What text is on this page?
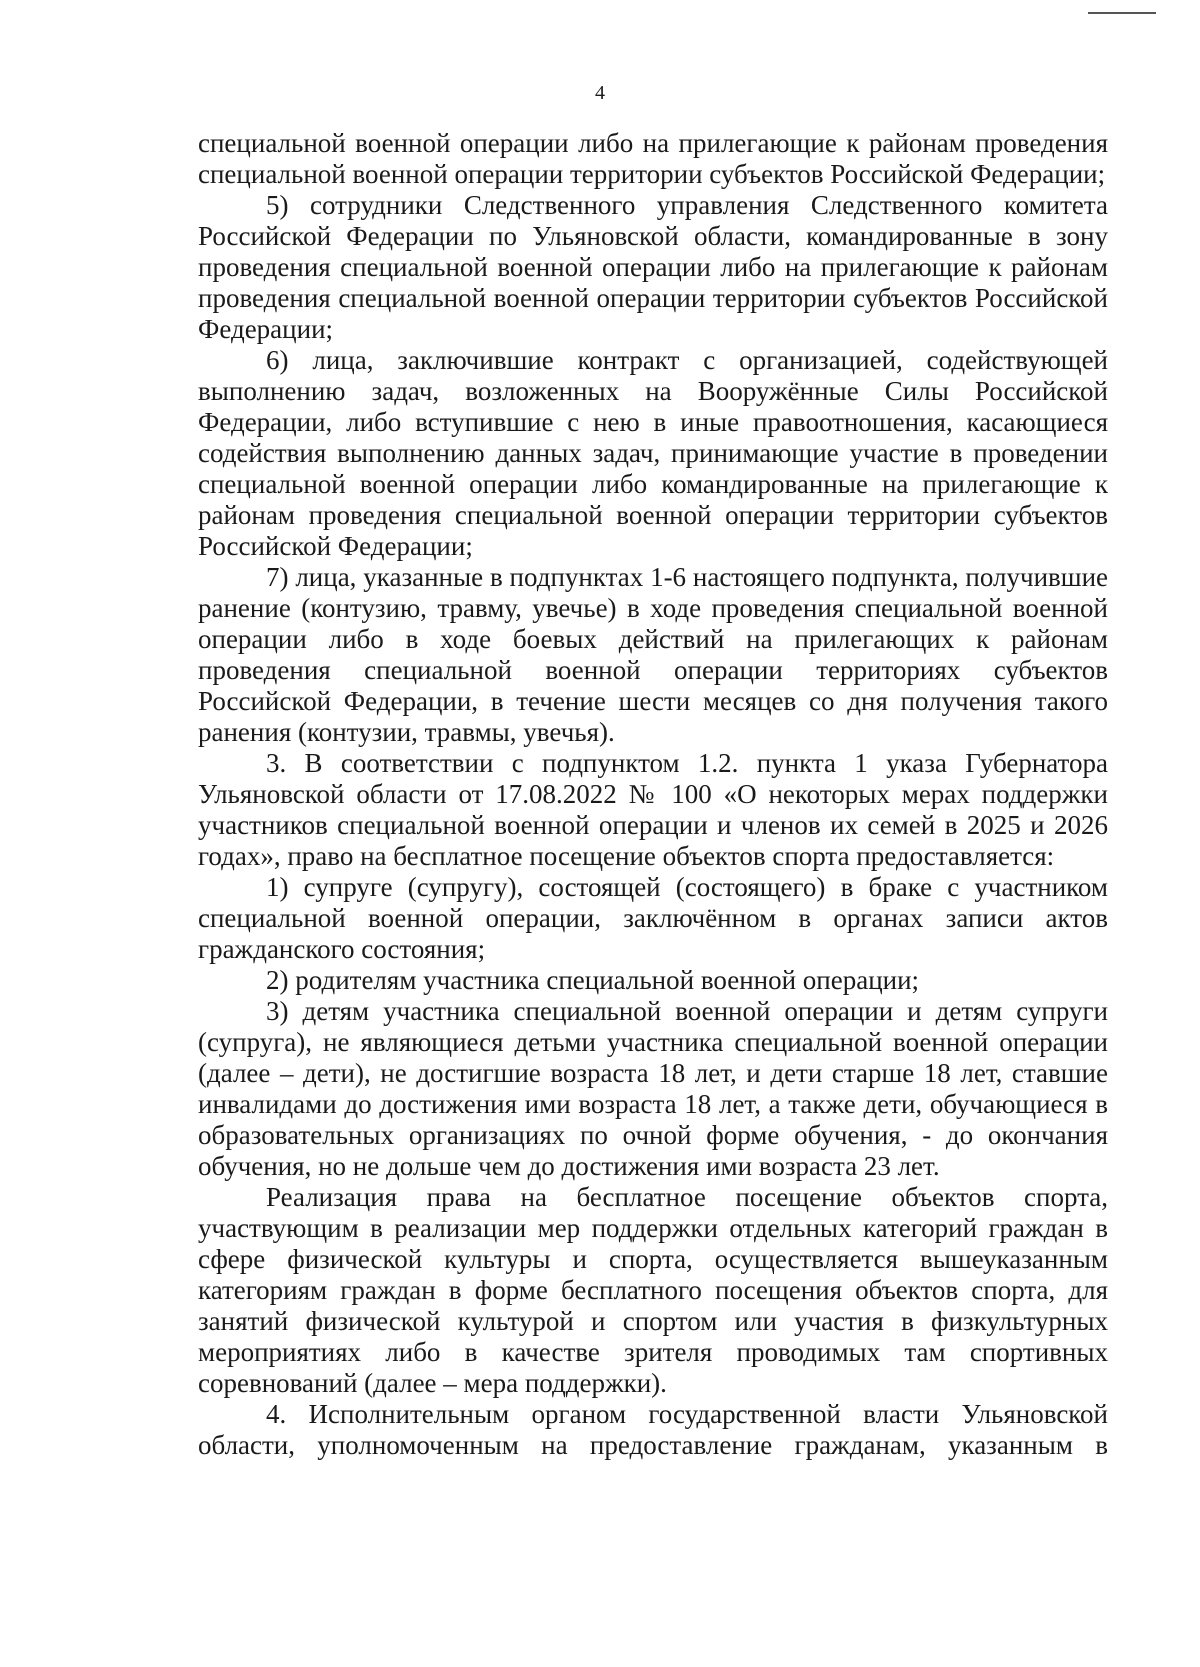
4

специальной военной операции либо на прилегающие к районам проведения специальной военной операции территории субъектов Российской Федерации;

5) сотрудники Следственного управления Следственного комитета Российской Федерации по Ульяновской области, командированные в зону проведения специальной военной операции либо на прилегающие к районам проведения специальной военной операции территории субъектов Российской Федерации;

6) лица, заключившие контракт с организацией, содействующей выполнению задач, возложенных на Вооружённые Силы Российской Федерации, либо вступившие с нею в иные правоотношения, касающиеся содействия выполнению данных задач, принимающие участие в проведении специальной военной операции либо командированные на прилегающие к районам проведения специальной военной операции территории субъектов Российской Федерации;

7) лица, указанные в подпунктах 1-6 настоящего подпункта, получившие ранение (контузию, травму, увечье) в ходе проведения специальной военной операции либо в ходе боевых действий на прилегающих к районам проведения специальной военной операции территориях субъектов Российской Федерации, в течение шести месяцев со дня получения такого ранения (контузии, травмы, увечья).

3. В соответствии с подпунктом 1.2. пункта 1 указа Губернатора Ульяновской области от 17.08.2022 № 100 «О некоторых мерах поддержки участников специальной военной операции и членов их семей в 2025 и 2026 годах», право на бесплатное посещение объектов спорта предоставляется:

1) супруге (супругу), состоящей (состоящего) в браке с участником специальной военной операции, заключённом в органах записи актов гражданского состояния;

2) родителям участника специальной военной операции;

3) детям участника специальной военной операции и детям супруги (супруга), не являющиеся детьми участника специальной военной операции (далее – дети), не достигшие возраста 18 лет, и дети старше 18 лет, ставшие инвалидами до достижения ими возраста 18 лет, а также дети, обучающиеся в образовательных организациях по очной форме обучения, - до окончания обучения, но не дольше чем до достижения ими возраста 23 лет.

Реализация права на бесплатное посещение объектов спорта, участвующим в реализации мер поддержки отдельных категорий граждан в сфере физической культуры и спорта, осуществляется вышеуказанным категориям граждан в форме бесплатного посещения объектов спорта, для занятий физической культурой и спортом или участия в физкультурных мероприятиях либо в качестве зрителя проводимых там спортивных соревнований (далее – мера поддержки).

4. Исполнительным органом государственной власти Ульяновской области, уполномоченным на предоставление гражданам, указанным в
